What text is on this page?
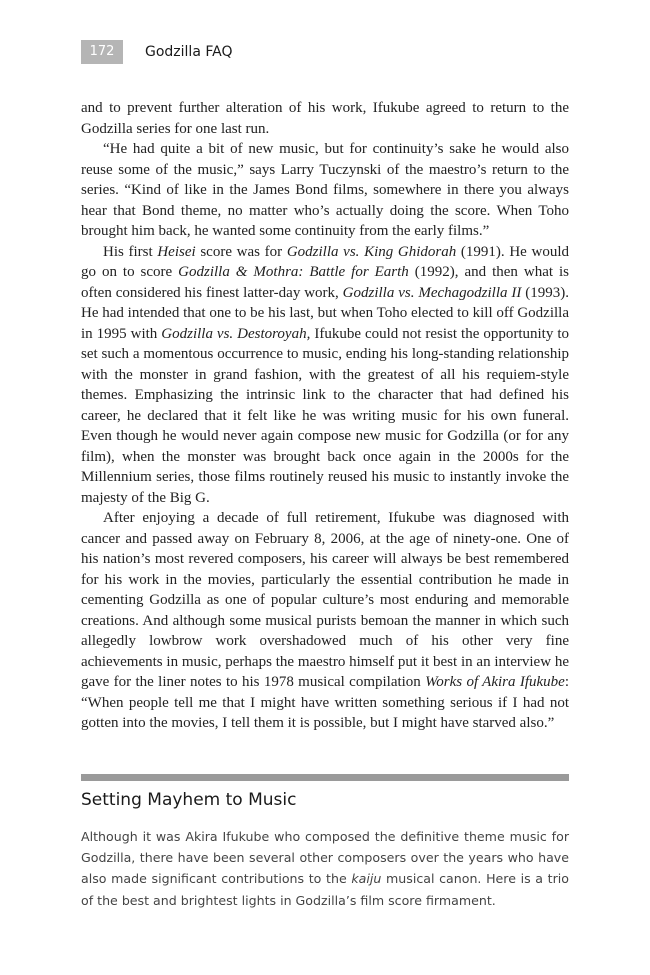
172	Godzilla FAQ

and to prevent further alteration of his work, Ifukube agreed to return to the Godzilla series for one last run.

“He had quite a bit of new music, but for continuity’s sake he would also reuse some of the music,” says Larry Tuczynski of the maestro’s return to the series. “Kind of like in the James Bond films, somewhere in there you always hear that Bond theme, no matter who’s actually doing the score. When Toho brought him back, he wanted some continuity from the early films.”

His first Heisei score was for Godzilla vs. King Ghidorah (1991). He would go on to score Godzilla & Mothra: Battle for Earth (1992), and then what is often considered his finest latter-day work, Godzilla vs. Mechagodzilla II (1993). He had intended that one to be his last, but when Toho elected to kill off Godzilla in 1995 with Godzilla vs. Destoroyah, Ifukube could not resist the opportunity to set such a momentous occurrence to music, ending his long-standing relationship with the monster in grand fashion, with the greatest of all his requiem-style themes. Emphasizing the intrinsic link to the character that had defined his career, he declared that it felt like he was writing music for his own funeral. Even though he would never again compose new music for Godzilla (or for any film), when the monster was brought back once again in the 2000s for the Millennium series, those films routinely reused his music to instantly invoke the majesty of the Big G.

After enjoying a decade of full retirement, Ifukube was diagnosed with cancer and passed away on February 8, 2006, at the age of ninety-one. One of his nation’s most revered composers, his career will always be best remembered for his work in the movies, particularly the essential contribution he made in cementing Godzilla as one of popular culture’s most enduring and memorable creations. And although some musical purists bemoan the manner in which such allegedly lowbrow work overshadowed much of his other very fine achievements in music, perhaps the maestro himself put it best in an interview he gave for the liner notes to his 1978 musical compilation Works of Akira Ifukube: “When people tell me that I might have written something serious if I had not gotten into the movies, I tell them it is possible, but I might have starved also.”

Setting Mayhem to Music

Although it was Akira Ifukube who composed the definitive theme music for Godzilla, there have been several other composers over the years who have also made significant contributions to the kaiju musical canon. Here is a trio of the best and brightest lights in Godzilla’s film score firmament.
